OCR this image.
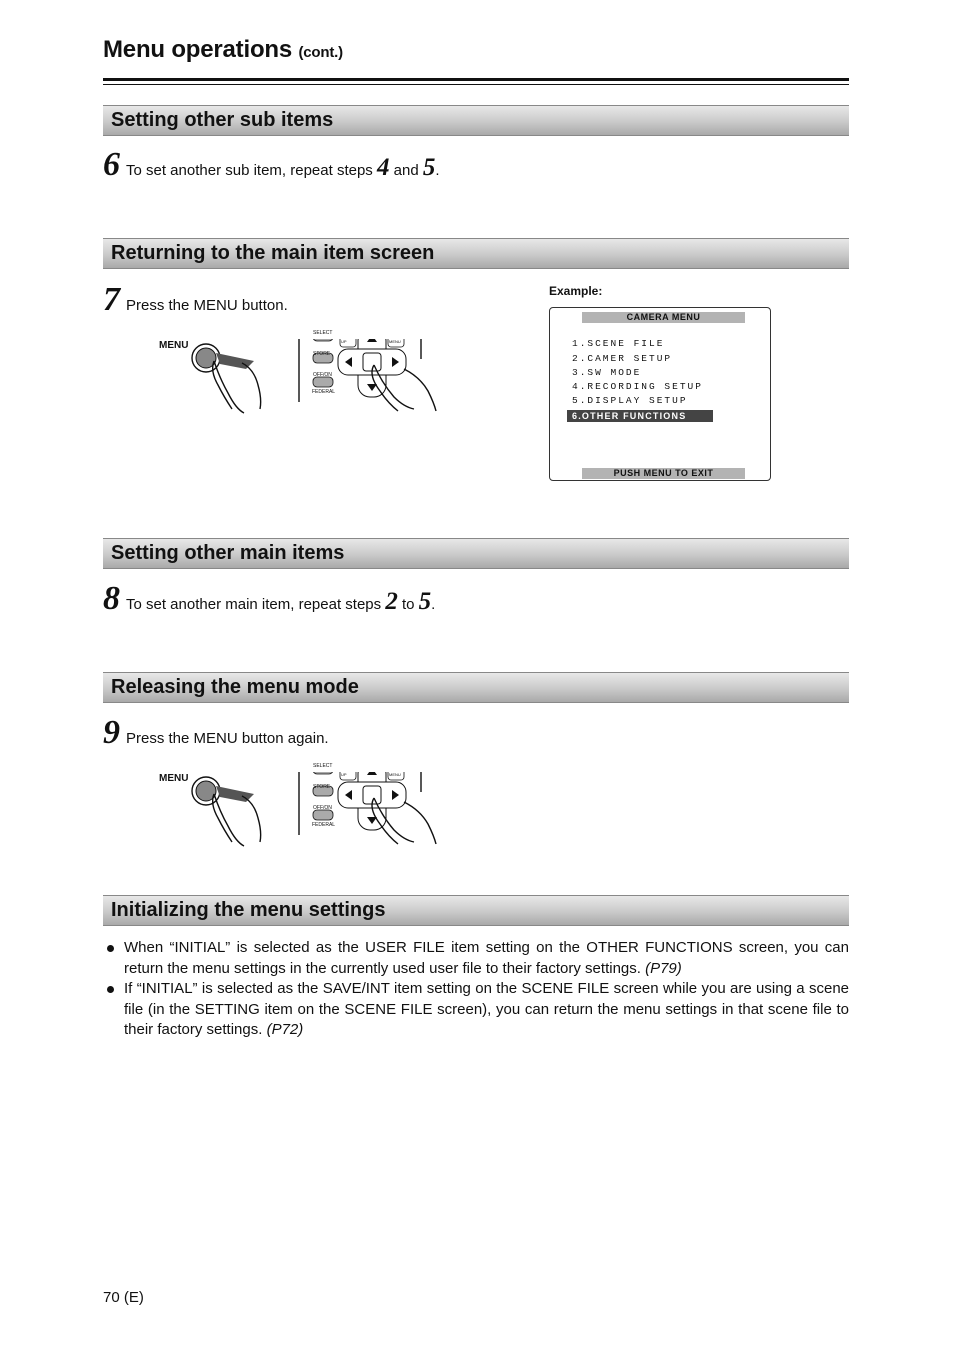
Menu operations (cont.)
Setting other sub items
6 To set another sub item, repeat steps 4 and 5.
Returning to the main item screen
7 Press the MENU button.
MENU
SELECT
STORE
OFF/ON
FEDERAL
UP	MENU
Example:
CAMERA MENU
1.SCENE FILE
2.CAMER SETUP
3.SW MODE
4.RECORDING SETUP
5.DISPLAY SETUP
6.OTHER FUNCTIONS
PUSH MENU TO EXIT
Setting other main items
8 To set another main item, repeat steps 2 to 5.
Releasing the menu mode
9 Press the MENU button again.
MENU
SELECT
STORE
OFF/ON
FEDERAL
UP	MENU
Initializing the menu settings
When “INITIAL” is selected as the USER FILE item setting on the OTHER FUNCTIONS screen, you can return the menu settings in the currently used user file to their factory settings. (P79)
If “INITIAL” is selected as the SAVE/INT item setting on the SCENE FILE screen while you are using a scene file (in the SETTING item on the SCENE FILE screen), you can return the menu settings in that scene file to their factory settings. (P72)
70 (E)
